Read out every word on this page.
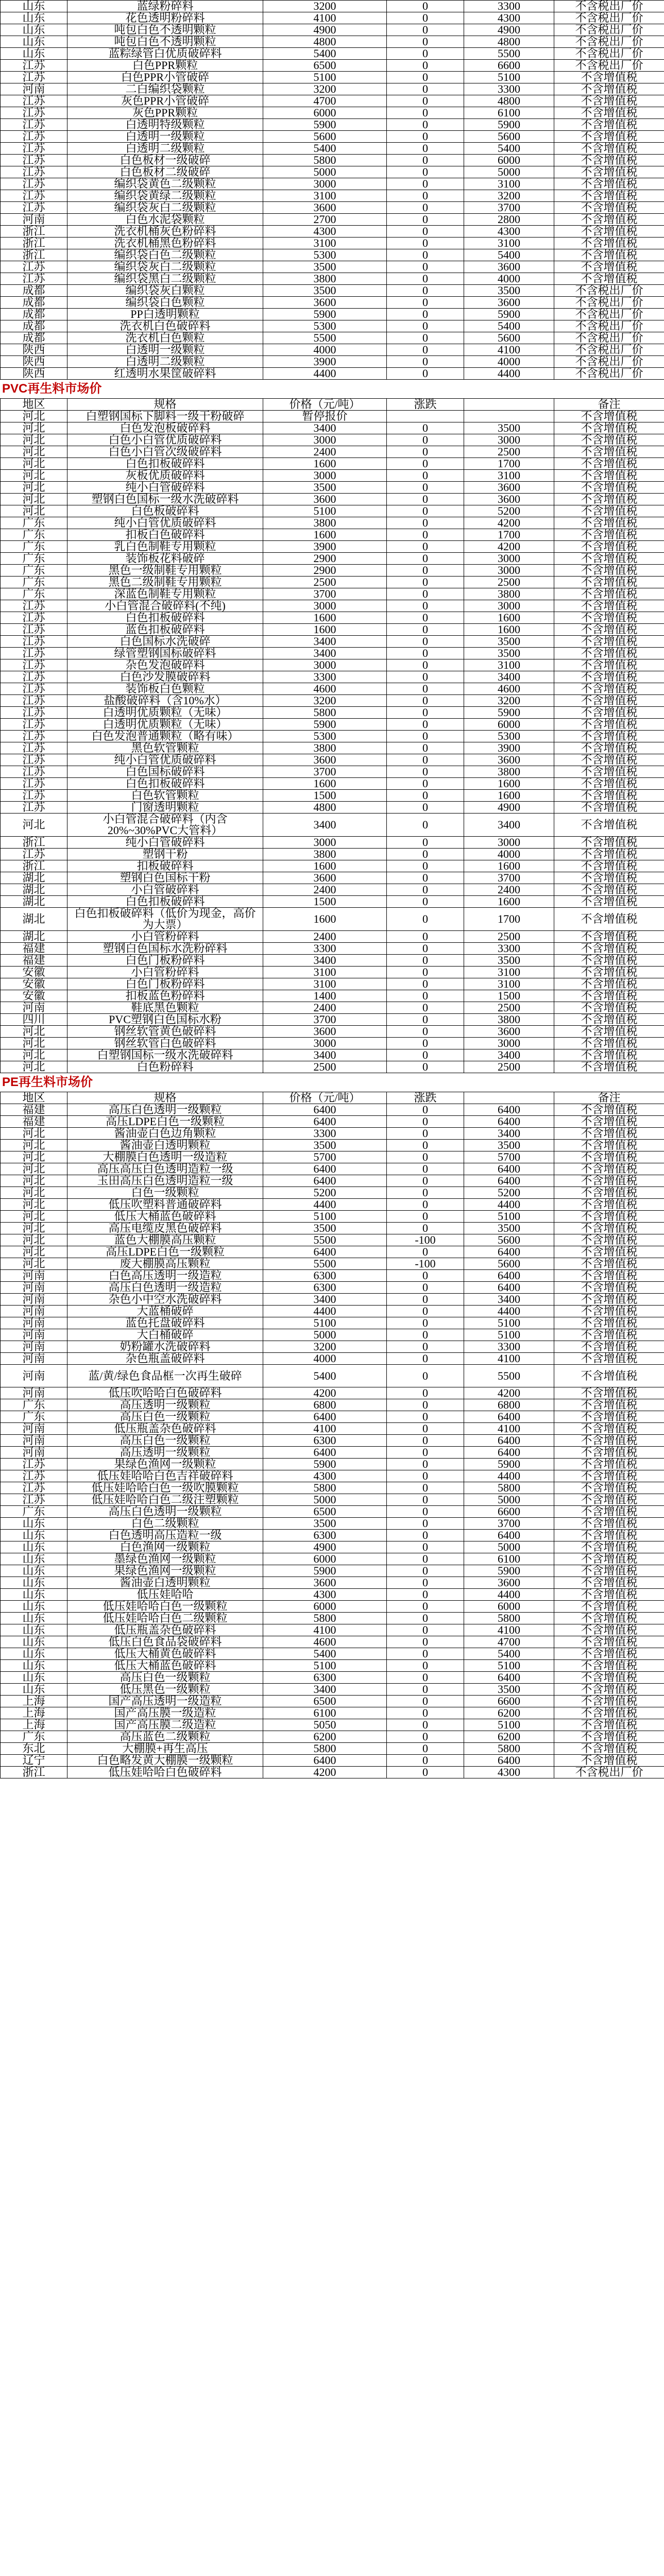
山东	蓝绿粉碎料	3200	0	3300	不含税出厂价
山东	花色透明粉碎料	4100	0	4300	不含税出厂价
山东	吨包白色不透明颗粒	4900	0	4900	不含税出厂价
山东	吨包白色不透明颗粒	4800	0	4800	不含税出厂价
山东	蓝粽绿管白优质破碎料	5400	0	5500	不含税出厂价
江苏	白色PPR颗粒	6500	0	6600	不含税出厂价
江苏	白色PPR小管破碎	5100	0	5100	不含增值税
河南	二白编织袋颗粒	3200	0	3300	不含增值税
江苏	灰色PPR小管破碎	4700	0	4800	不含增值税
江苏	灰色PPR颗粒	6000	0	6100	不含增值税
江苏	白透明特级颗粒	5900	0	5900	不含增值税
江苏	白透明一级颗粒	5600	0	5600	不含增值税
江苏	白透明二级颗粒	5400	0	5400	不含增值税
江苏	白色板材一级破碎	5800	0	6000	不含增值税
江苏	白色板材二级破碎	5000	0	5000	不含增值税
江苏	编织袋黄色二级颗粒	3000	0	3100	不含增值税
江苏	编织袋黄绿二级颗粒	3100	0	3200	不含增值税
江苏	编织袋灰白二级颗粒	3600	0	3700	不含增值税
河南	白色水泥袋颗粒	2700	0	2800	不含增值税
浙江	洗衣机桶灰色粉碎料	4300	0	4300	不含增值税
浙江	洗衣机桶黑色粉碎料	3100	0	3100	不含增值税
浙江	编织袋白色二级颗粒	5300	0	5400	不含增值税
江苏	编织袋灰白二级颗粒	3500	0	3600	不含增值税
江苏	编织袋黑白二级颗粒	3800	0	4000	不含增值税
成都	编织袋灰白颗粒	3500	0	3500	不含税出厂价
成都	编织袋白色颗粒	3600	0	3600	不含税出厂价
成都	PP白透明颗粒	5900	0	5900	不含税出厂价
成都	洗衣机白色破碎料	5300	0	5400	不含税出厂价
成都	洗衣机白色颗粒	5500	0	5600	不含税出厂价
陕西	白透明一级颗粒	4000	0	4100	不含税出厂价
陕西	白透明二级颗粒	3900	0	4000	不含税出厂价
陕西	红透明水果筐破碎料	4400	0	4400	不含税出厂价
PVC再生料市场价
地区	规格	价格（元/吨）	涨跌		备注
河北	白塑钢国标下脚料一级干粉破碎	暂停报价			不含增值税
河北	白色发泡板破碎料	3400	0	3500	不含增值税
河北	白色小白管优质破碎料	3000	0	3000	不含增值税
河北	白色小白管次级破碎料	2400	0	2500	不含增值税
河北	白色扣板破碎料	1600	0	1700	不含增值税
河北	灰板优质破碎料	3000	0	3100	不含增值税
河北	纯小白管破碎料	3500	0	3600	不含增值税
河北	塑钢白色国标一级水洗破碎料	3600	0	3600	不含增值税
河北	白色板破碎料	5100	0	5200	不含增值税
广东	纯小白管优质破碎料	3800	0	4200	不含增值税
广东	扣板白色破碎料	1600	0	1700	不含增值税
广东	乳白色制鞋专用颗粒	3900	0	4200	不含增值税
广东	装饰板花料破碎	2900	0	3000	不含增值税
广东	黑色一级制鞋专用颗粒	2900	0	3000	不含增值税
广东	黑色二级制鞋专用颗粒	2500	0	2500	不含增值税
广东	深蓝色制鞋专用颗粒	3700	0	3800	不含增值税
江苏	小白管混合破碎料(不纯)	3000	0	3000	不含增值税
江苏	白色扣板破碎料	1600	0	1600	不含增值税
江苏	蓝色扣板破碎料	1600	0	1600	不含增值税
江苏	白色国标水洗破碎	3400	0	3500	不含增值税
江苏	绿管塑钢国标破碎料	3400	0	3500	不含增值税
江苏	杂色发泡破碎料	3000	0	3100	不含增值税
江苏	白色沙发膜破碎料	3300	0	3400	不含增值税
江苏	装饰板白色颗粒	4600	0	4600	不含增值税
江苏	盐酸破碎料（含10%水）	3200	0	3200	不含增值税
江苏	白透明优质颗粒（无味）	5800	0	5900	不含增值税
江苏	白透明优质颗粒（无味）	5900	0	6000	不含增值税
江苏	白色发泡普通颗粒（略有味）	5300	0	5300	不含增值税
江苏	黑色软管颗粒	3800	0	3900	不含增值税
江苏	纯小白管优质破碎料	3600	0	3600	不含增值税
江苏	白色国标破碎料	3700	0	3800	不含增值税
江苏	白色扣板破碎料	1600	0	1600	不含增值税
江苏	白色软管颗粒	1500	0	1600	不含增值税
江苏	门窗透明颗粒	4800	0	4900	不含增值税
河北	小白管混合破碎料（内含20%~30%PVC大管料）	3400	0	3400	不含增值税
浙江	纯小白管破碎料	3000	0	3000	不含增值税
江苏	塑钢干粉	3800	0	4000	不含增值税
浙江	扣板破碎料	1600	0	1600	不含增值税
湖北	塑钢白色国标干粉	3600	0	3700	不含增值税
湖北	小白管破碎料	2400	0	2400	不含增值税
湖北	白色扣板破碎料	1500	0	1600	不含增值税
湖北	白色扣板破碎料（低价为现金，高价为大票）	1600	0	1700	不含增值税
湖北	小白管粉碎料	2400	0	2500	不含增值税
福建	塑钢白色国标水洗粉碎料	3300	0	3300	不含增值税
福建	白色门板粉碎料	3400	0	3500	不含增值税
安徽	小白管粉碎料	3100	0	3100	不含增值税
安徽	白色门板粉碎料	3100	0	3100	不含增值税
安徽	扣板蓝色粉碎料	1400	0	1500	不含增值税
河南	鞋底黑色颗粒	2400	0	2500	不含增值税
四川	PVC塑钢白色国标水粉	3700	0	3800	不含增值税
河北	钢丝软管黄色破碎料	3600	0	3600	不含增值税
河北	钢丝软管白色破碎料	3000	0	3000	不含增值税
河北	白塑钢国标一级水洗破碎料	3400	0	3400	不含增值税
河北	白色粉碎料	2500	0	2500	不含增值税
PE再生料市场价
地区	规格	价格（元/吨）	涨跌		备注
福建	高压白色透明一级颗粒	6400	0	6400	不含增值税
福建	高压LDPE白色一级颗粒	6400	0	6400	不含增值税
河北	酱油壶白色边角颗粒	3300	0	3400	不含增值税
河北	酱油壶白透明颗粒	3500	0	3500	不含增值税
河北	大棚膜白色透明一级造粒	5700	0	5700	不含增值税
河北	高压高压白色透明造粒一级	6400	0	6400	不含增值税
河北	玉田高压白色透明造粒一级	6400	0	6400	不含增值税
河北	白色一级颗粒	5200	0	5200	不含增值税
河北	低压吹塑料普通破碎料	4400	0	4400	不含增值税
河北	低压大桶蓝色破碎料	5100	0	5100	不含增值税
河北	高压电缆皮黑色破碎料	3500	0	3500	不含增值税
河北	蓝色大棚膜高压颗粒	5500	-100	5600	不含增值税
河北	高压LDPE白色一级颗粒	6400	0	6400	不含增值税
河北	废大棚膜高压颗粒	5500	-100	5600	不含增值税
河南	白色高压透明一级造粒	6300	0	6400	不含增值税
河南	高压白色透明一级造粒	6300	0	6400	不含增值税
河南	杂色小中空水洗破碎料	3400	0	3400	不含增值税
河南	大蓝桶破碎	4400	0	4400	不含增值税
河南	蓝色托盘破碎料	5100	0	5100	不含增值税
河南	大白桶破碎	5000	0	5100	不含增值税
河南	奶粉罐水洗破碎料	3200	0	3300	不含增值税
河南	杂色瓶盖破碎料	4000	0	4100	不含增值税
河南	蓝/黄/绿色食品框一次再生破碎	5400	0	5500	不含增值税
河南	低压吹哈哈白色破碎料	4200	0	4200	不含增值税
广东	高压透明一级颗粒	6800	0	6800	不含增值税
广东	高压白色一级颗粒	6400	0	6400	不含增值税
河南	低压瓶盖杂色破碎料	4100	0	4100	不含增值税
河南	高压白色一级颗粒	6300	0	6400	不含增值税
河南	高压透明一级颗粒	6400	0	6400	不含增值税
江苏	果绿色渔网一级颗粒	5900	0	5900	不含增值税
江苏	低压娃哈哈白色吉祥破碎料	4300	0	4400	不含增值税
江苏	低压娃哈哈白色一级吹膜颗粒	5800	0	5800	不含增值税
江苏	低压娃哈哈白色二级注塑颗粒	5000	0	5000	不含增值税
广东	高压白色透明一级颗粒	6500	0	6600	不含增值税
山东	白色二级颗粒	3500	0	3700	不含增值税
山东	白色透明高压造粒一级	6300	0	6400	不含增值税
山东	白色渔网一级颗粒	4900	0	5000	不含增值税
山东	墨绿色渔网一级颗粒	6000	0	6100	不含增值税
山东	果绿色渔网一级颗粒	5900	0	5900	不含增值税
山东	酱油壶白透明颗粒	3600	0	3600	不含增值税
山东	低压娃哈哈	4300	0	4400	不含增值税
山东	低压娃哈哈白色一级颗粒	6000	0	6000	不含增值税
山东	低压娃哈哈白色二级颗粒	5800	0	5800	不含增值税
山东	低压瓶盖杂色破碎料	4100	0	4100	不含增值税
山东	低压白色食品袋破碎料	4600	0	4700	不含增值税
山东	低压大桶黄色破碎料	5400	0	5400	不含增值税
山东	低压大桶蓝色破碎料	5100	0	5100	不含增值税
山东	高压白色一级颗粒	6300	0	6400	不含增值税
山东	低压黑色一级颗粒	3400	0	3500	不含增值税
上海	国产高压透明一级造粒	6500	0	6600	不含增值税
上海	国产高压膜一级造粒	6100	0	6200	不含增值税
上海	国产高压膜二级造粒	5050	0	5100	不含增值税
广东	高压蓝色二级颗粒	6200	0	6200	不含增值税
东北	大棚膜+再生高压	5800	0	5800	不含增值税
辽宁	白色略发黄大棚膜一级颗粒	6400	0	6400	不含增值税
浙江	低压娃哈哈白色破碎料	4200	0	4300	不含税出厂价
